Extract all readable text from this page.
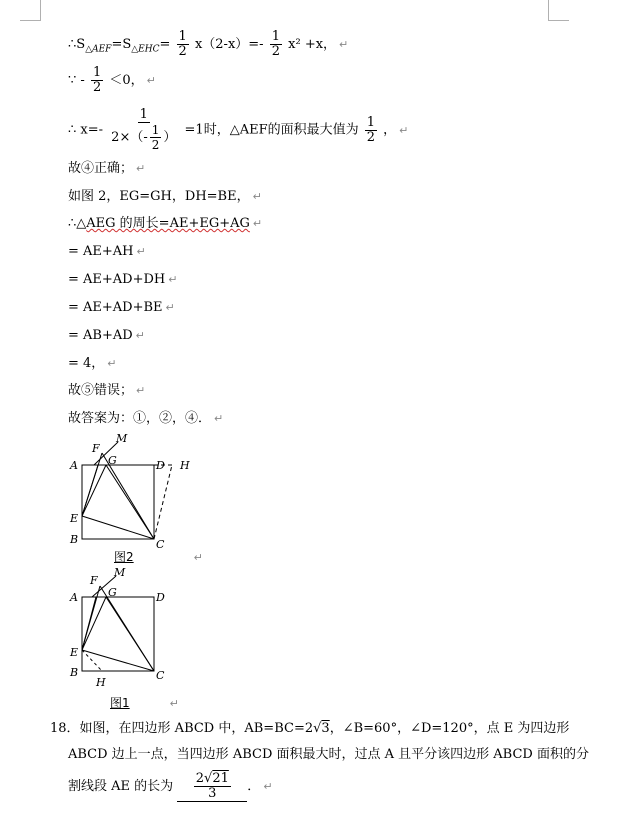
$\therefore S_{\triangle AEF}=S_{\triangle EHC}= \frac{1}{2} x(2-x)=- \frac{1}{2} x^2 +x$， ↵
∵ - $\frac{1}{2} <0$， ↵
∴ $x=- \frac{1}{2\times(- \frac{1}{2} )} =1$时，△AEF的面积最大值为 $\frac{1}{2}$ ， ↵
故④正确； ↵
如图 2，EG=GH，DH=BE， ↵
∴△AEG 的周长=AE+EG+AG ↵
= AE+AH ↵
= AE+AD+DH ↵
= AE+AD+BE ↵
= AB+AD ↵
= 4， ↵
故⑤错误； ↵
故答案为：①，②，④． ↵
A
B	C
D
E
F
G
M
H
图2	↵
A
B	C
D
E
F
G
M
H
图1	↵
18．如图，在四边形 ABCD 中，AB=BC=2√3，∠B=60°，∠D=120°，点 E 为四边形
ABCD 边上一点，当四边形 ABCD 面积最大时，过点 A 且平分该四边形 ABCD 面积的分
割线段 AE 的长为 $\frac{2√21}{3}$ ． ↵
